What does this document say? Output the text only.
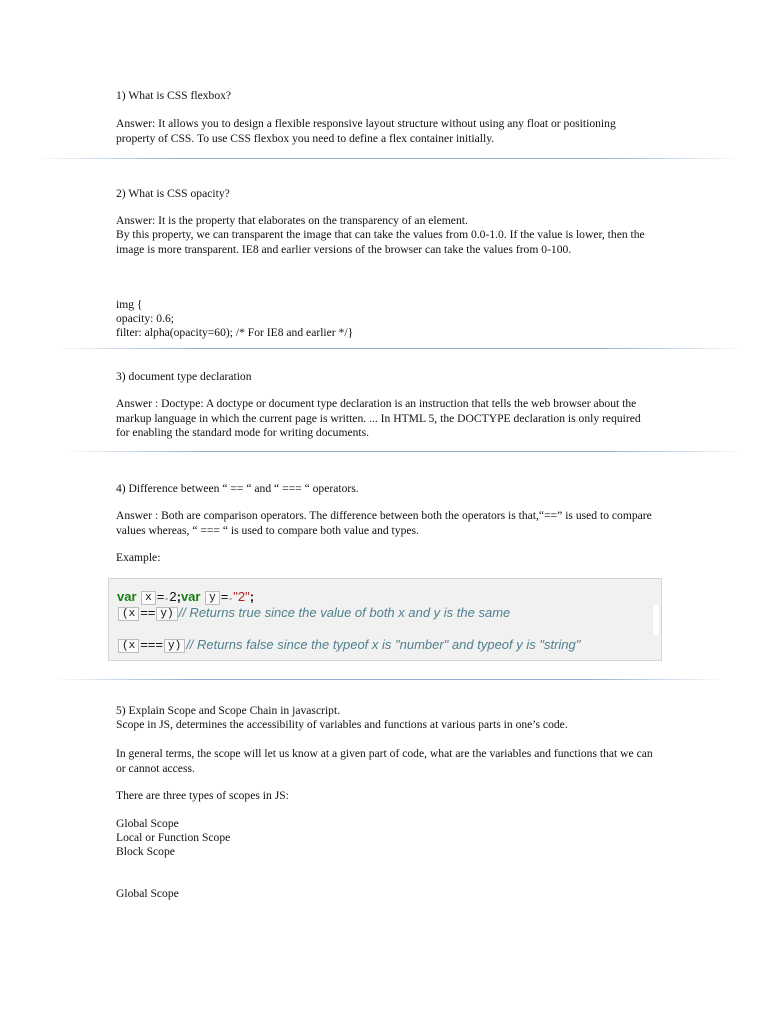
1) What is CSS flexbox?

Answer: It allows you to design a flexible responsive layout structure without using any float or positioning property of CSS. To use CSS flexbox you need to define a flex container initially.

2) What is CSS opacity?

Answer: It is the property that elaborates on the transparency of an element.

By this property, we can transparent the image that can take the values from 0.0-1.0. If the value is lower, then the image is more transparent. IE8 and earlier versions of the browser can take the values from 0-100.

img {

opacity: 0.6;

filter: alpha(opacity=60); /* For IE8 and earlier */}

3) document type declaration

Answer : Doctype: A doctype or document type declaration is an instruction that tells the web browser about the markup language in which the current page is written. ... In HTML 5, the DOCTYPE declaration is only required for enabling the standard mode for writing documents.

4) Difference between “ == “ and “ === “ operators.

Answer : Both are comparison operators. The difference between both the operators is that,“==” is used to compare values whereas, “ === “ is used to compare both value and types.

Example:

var x = 2;var y = "2";
(x == y) // Returns true since the value of both x and y is the same
(x === y) // Returns false since the typeof x is "number" and typeof y is "string"

5) Explain Scope and Scope Chain in javascript.

Scope in JS, determines the accessibility of variables and functions at various parts in one’s code.

In general terms, the scope will let us know at a given part of code, what are the variables and functions that we can or cannot access.

There are three types of scopes in JS:

Global Scope

Local or Function Scope

Block Scope

Global Scope
